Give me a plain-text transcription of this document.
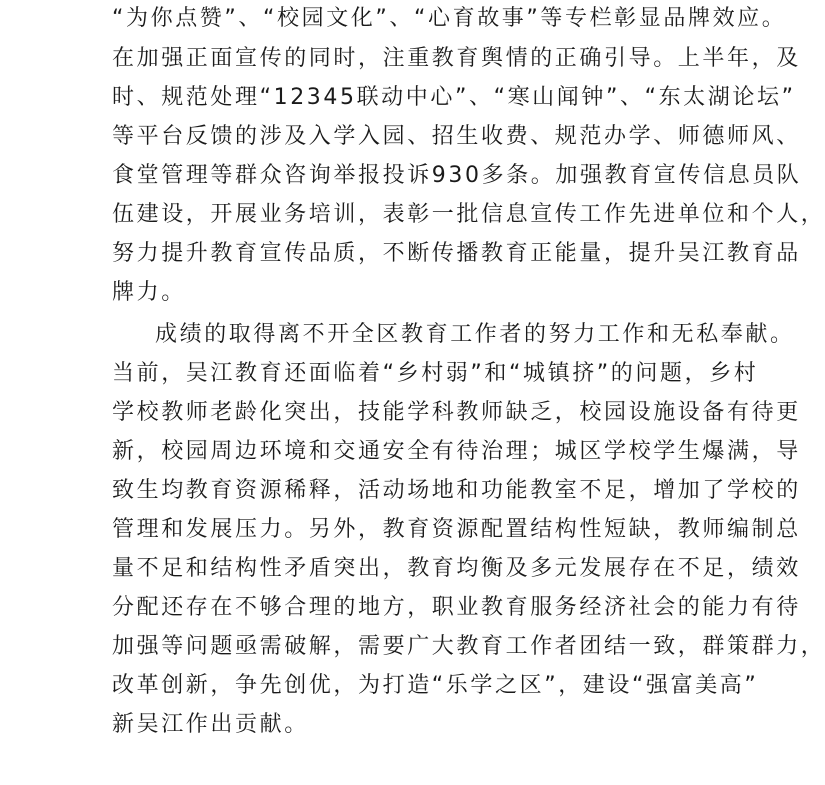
“为你点赞”、“校园文化”、“心育故事”等专栏彰显品牌效应。
在加强正面宣传的同时，注重教育舆情的正确引导。上半年，及
时、规范处理“12345联动中心”、“寒山闻钟”、“东太湖论坛”
等平台反馈的涉及入学入园、招生收费、规范办学、师德师风、
食堂管理等群众咨询举报投诉930多条。加强教育宣传信息员队
伍建设，开展业务培训，表彰一批信息宣传工作先进单位和个人，
努力提升教育宣传品质，不断传播教育正能量，提升吴江教育品
牌力。
成绩的取得离不开全区教育工作者的努力工作和无私奉献。
当前，吴江教育还面临着“乡村弱”和“城镇挤”的问题，乡村
学校教师老龄化突出，技能学科教师缺乏，校园设施设备有待更
新，校园周边环境和交通安全有待治理；城区学校学生爆满，导
致生均教育资源稀释，活动场地和功能教室不足，增加了学校的
管理和发展压力。另外，教育资源配置结构性短缺，教师编制总
量不足和结构性矛盾突出，教育均衡及多元发展存在不足，绩效
分配还存在不够合理的地方，职业教育服务经济社会的能力有待
加强等问题亟需破解，需要广大教育工作者团结一致，群策群力，
改革创新，争先创优，为打造“乐学之区”，建设“强富美高”
新吴江作出贡献。
